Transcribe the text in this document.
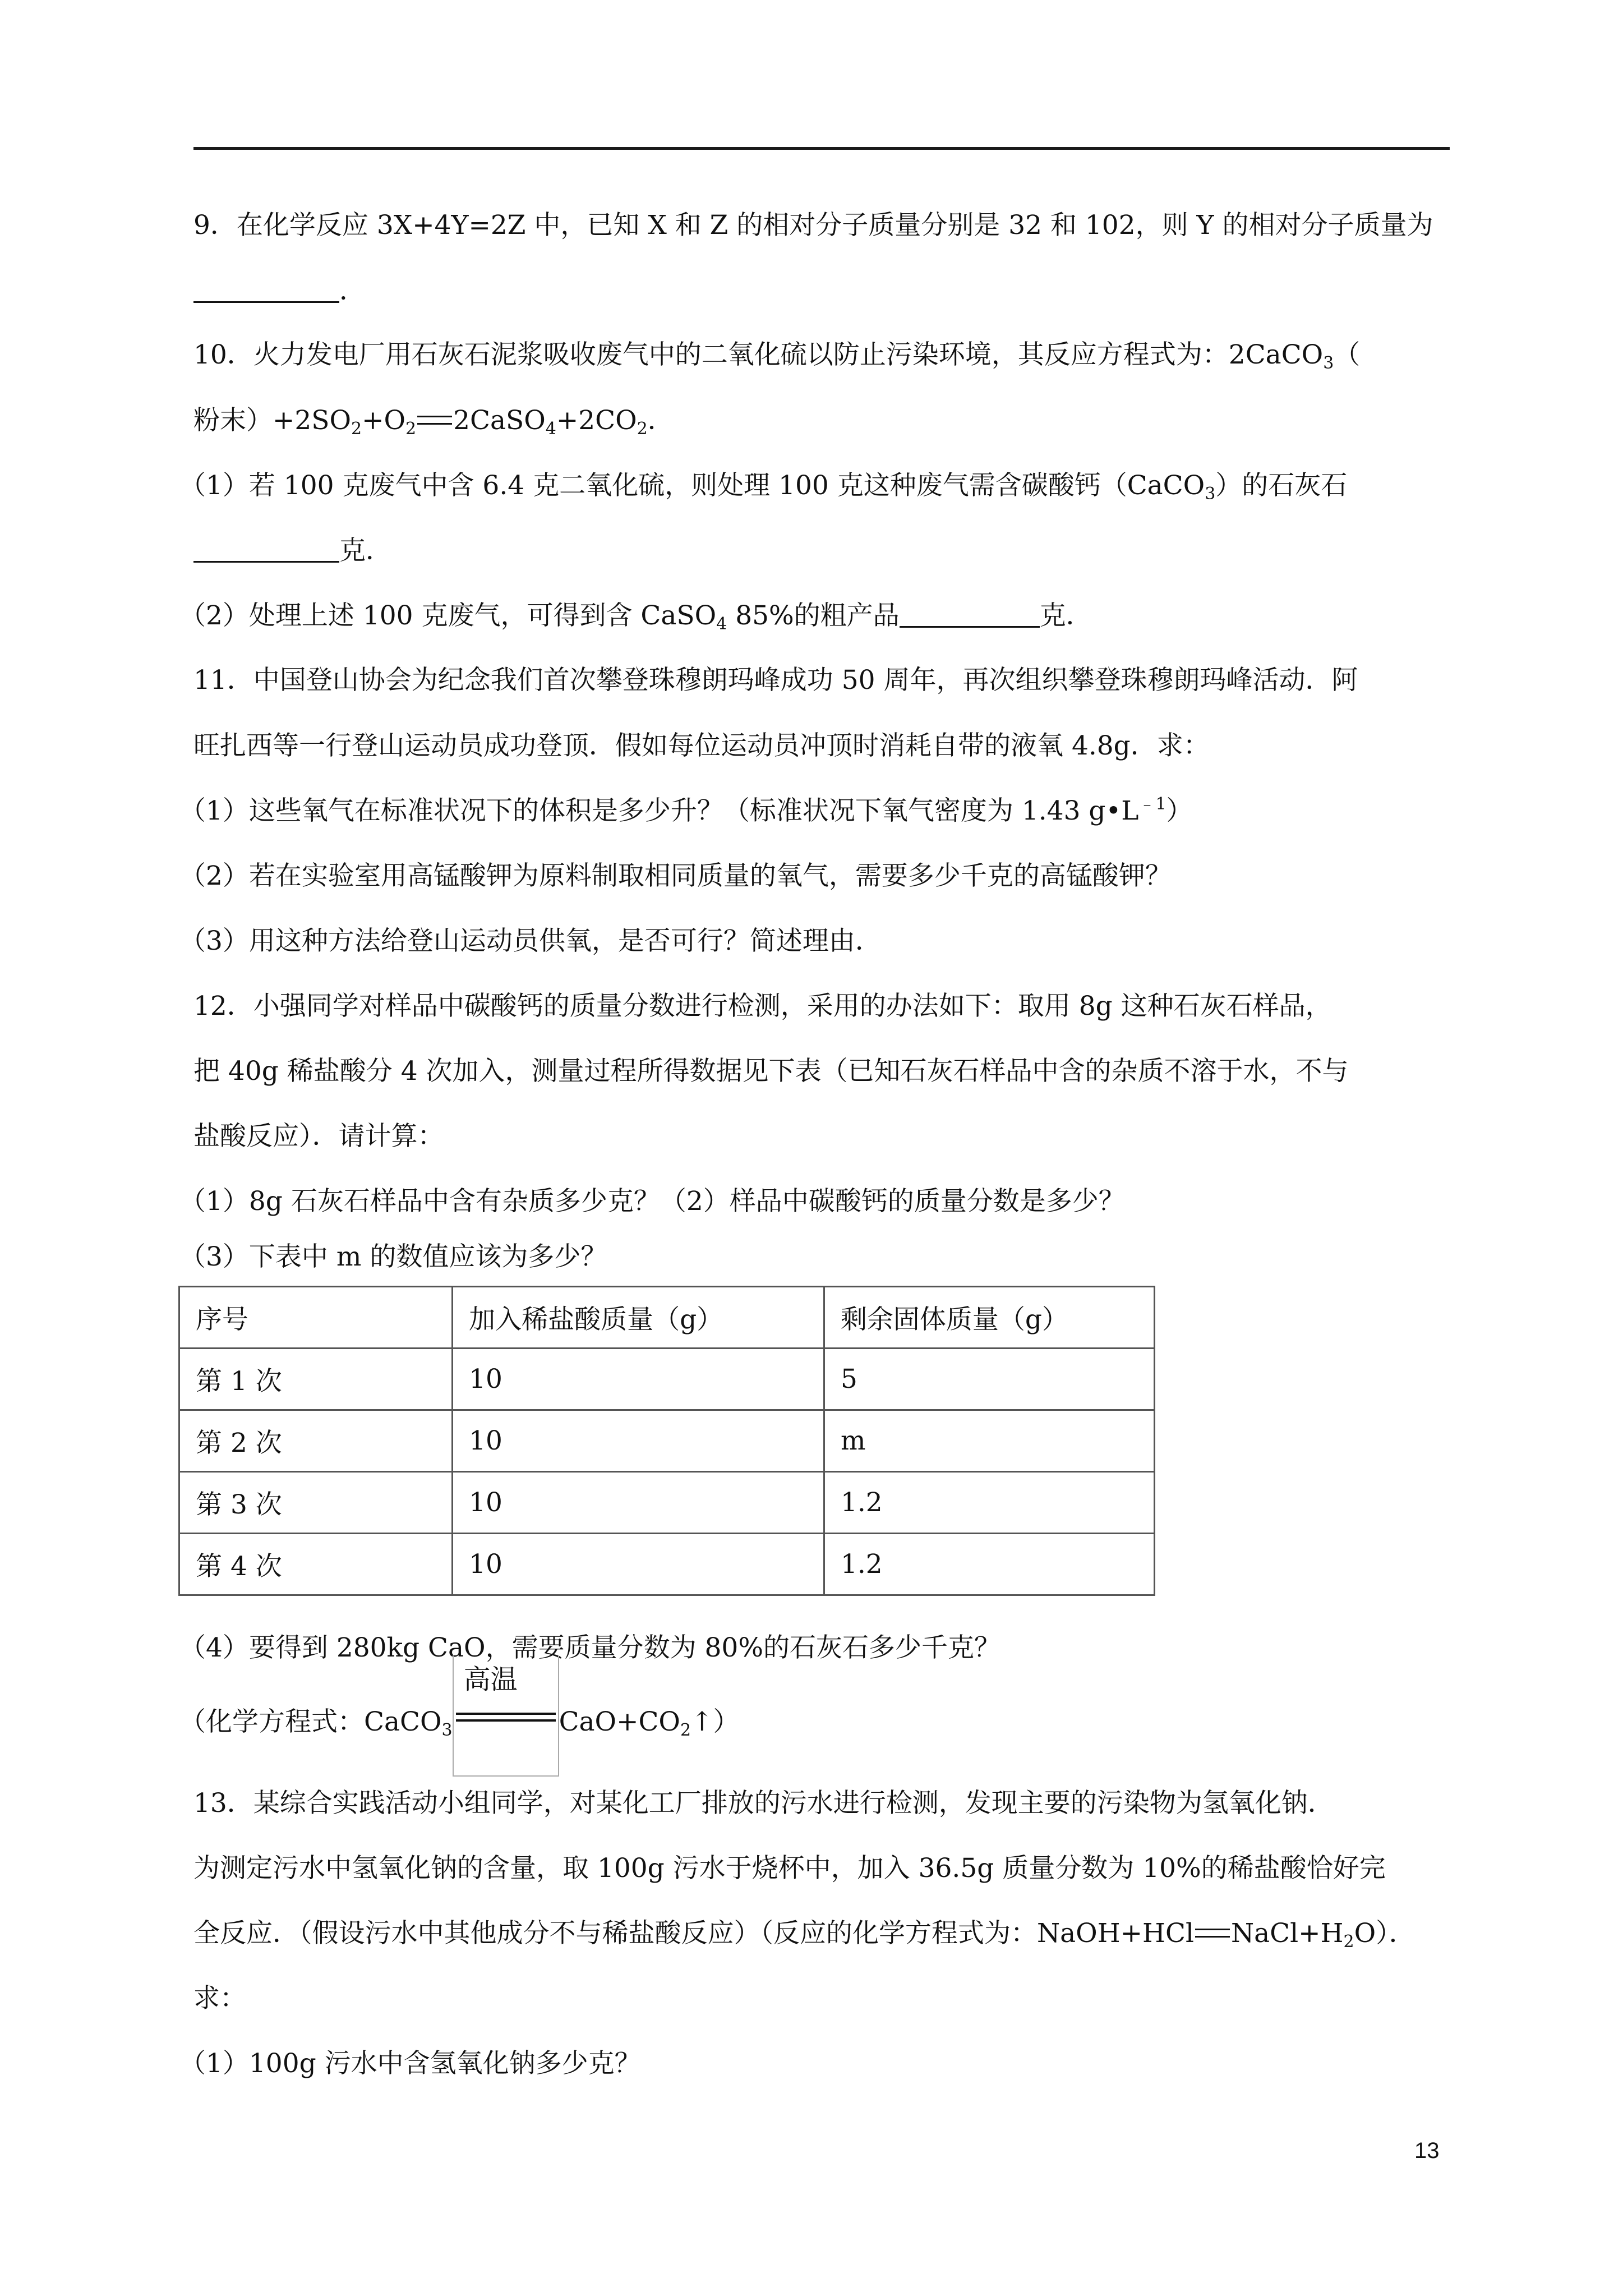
9．在化学反应 3X+4Y=2Z 中，已知 X 和 Z 的相对分子质量分别是 32 和 102，则 Y 的相对分子质量为
．
10．火力发电厂用石灰石泥浆吸收废气中的二氧化硫以防止污染环境，其反应方程式为：2CaCO$_3$（
粉末）$+2SO_2+O_2$ $2CaSO_4+2CO_2$．
（1）若 100 克废气中含 6.4 克二氧化硫，则处理 100 克这种废气需含碳酸钙（CaCO$_3$）的石灰石
克．
（2）处理上述 100 克废气，可得到含 CaSO$_4$ 85%的粗产品	克．
11．中国登山协会为纪念我们首次攀登珠穆朗玛峰成功 50 周年，再次组织攀登珠穆朗玛峰活动．阿
旺扎西等一行登山运动员成功登顶．假如每位运动员冲顶时消耗自带的液氧 4.8g．求：
（1）这些氧气在标准状况下的体积是多少升？（标准状况下氧气密度为 1.43 $g•L^{﹣1}$）
（2）若在实验室用高锰酸钾为原料制取相同质量的氧气，需要多少千克的高锰酸钾？
（3）用这种方法给登山运动员供氧，是否可行？简述理由．
12．小强同学对样品中碳酸钙的质量分数进行检测，采用的办法如下：取用 8g 这种石灰石样品，
把 40g 稀盐酸分 4 次加入，测量过程所得数据见下表（已知石灰石样品中含的杂质不溶于水，不与
盐酸反应）．请计算：
（1）8g 石灰石样品中含有杂质多少克？（2）样品中碳酸钙的质量分数是多少？
（3）下表中 m 的数值应该为多少？
序号	加入稀盐酸质量（g）	剩余固体质量（g）
第 1 次	10	5
第 2 次	10	m
第 3 次	10	1.2
第 4 次	10	1.2
（4）要得到 280kg CaO，需要质量分数为 80%的石灰石多少千克？
（化学方程式：CaCO$_3$
高温
$CaO+CO_2↑$）
13．某综合实践活动小组同学，对某化工厂排放的污水进行检测，发现主要的污染物为氢氧化钠．
为测定污水中氢氧化钠的含量，取 100g 污水于烧杯中，加入 36.5g 质量分数为 10%的稀盐酸恰好完
全反应．（假设污水中其他成分不与稀盐酸反应）（反应的化学方程式为：NaOH+HCl $NaCl+H_2O$）．
求：
（1）100g 污水中含氢氧化钠多少克？
13
